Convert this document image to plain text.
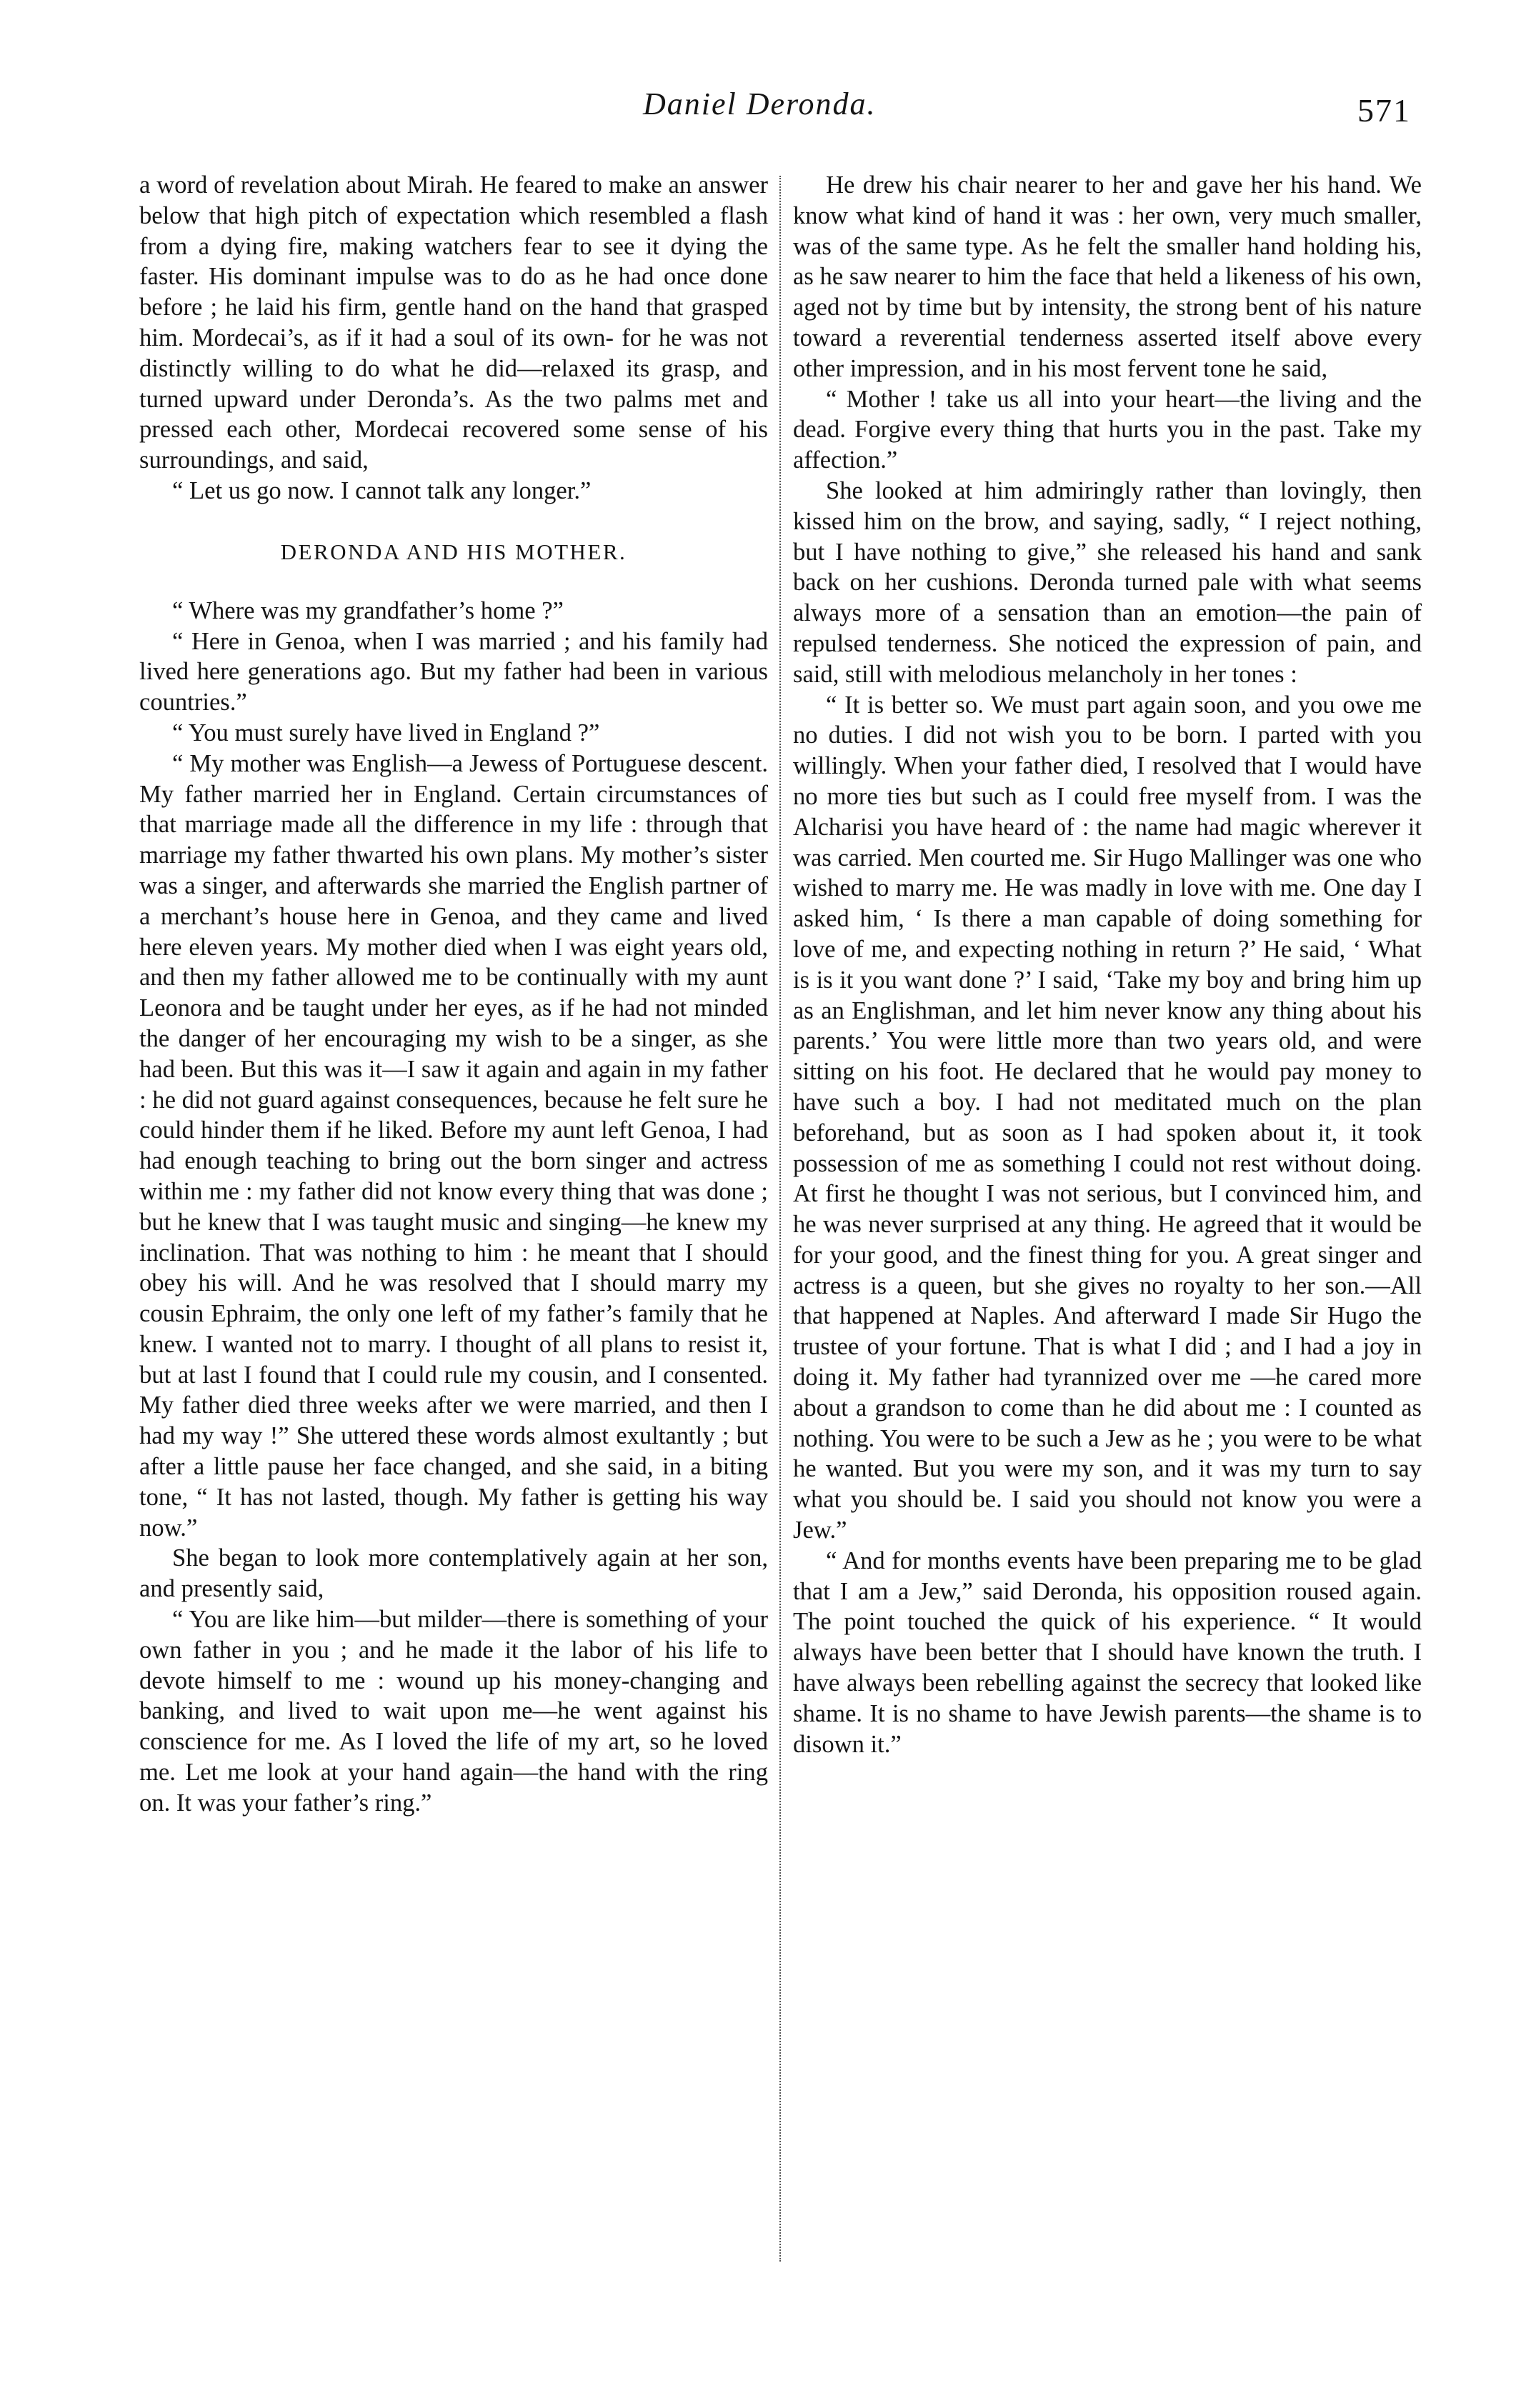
Daniel Deronda.	571

a word of revelation about Mirah. He feared to make an answer below that high pitch of expectation which resembled a flash from a dying fire, making watchers fear to see it dying the faster. His dominant impulse was to do as he had once done before ; he laid his firm, gentle hand on the hand that grasped him. Mordecai’s, as if it had a soul of its own- for he was not distinctly willing to do what he did—relaxed its grasp, and turned upward under Deronda’s. As the two palms met and pressed each other, Mordecai recovered some sense of his surroundings, and said,

“ Let us go now. I cannot talk any longer.”

DERONDA AND HIS MOTHER.

“ Where was my grandfather’s home ?”

“ Here in Genoa, when I was married ; and his family had lived here generations ago. But my father had been in various countries.”

“ You must surely have lived in England ?”

“ My mother was English—a Jewess of Portuguese descent. My father married her in England. Certain circumstances of that marriage made all the difference in my life : through that marriage my father thwarted his own plans. My mother’s sister was a singer, and afterwards she married the English partner of a merchant’s house here in Genoa, and they came and lived here eleven years. My mother died when I was eight years old, and then my father allowed me to be continually with my aunt Leonora and be taught under her eyes, as if he had not minded the danger of her encouraging my wish to be a singer, as she had been. But this was it—I saw it again and again in my father : he did not guard against consequences, because he felt sure he could hinder them if he liked. Before my aunt left Genoa, I had had enough teaching to bring out the born singer and actress within me : my father did not know every thing that was done ; but he knew that I was taught music and singing—he knew my inclination. That was nothing to him : he meant that I should obey his will. And he was resolved that I should marry my cousin Ephraim, the only one left of my father’s family that he knew. I wanted not to marry. I thought of all plans to resist it, but at last I found that I could rule my cousin, and I consented. My father died three weeks after we were married, and then I had my way !” She uttered these words almost exultantly ; but after a little pause her face changed, and she said, in a biting tone, “ It has not lasted, though. My father is getting his way now.”

She began to look more contemplatively again at her son, and presently said,

“ You are like him—but milder—there is something of your own father in you ; and he made it the labor of his life to devote himself to me : wound up his money-changing and banking, and lived to wait upon me—he went against his conscience for me. As I loved the life of my art, so he loved me. Let me look at your hand again—the hand with the ring on. It was your father’s ring.”

He drew his chair nearer to her and gave her his hand. We know what kind of hand it was : her own, very much smaller, was of the same type. As he felt the smaller hand holding his, as he saw nearer to him the face that held a likeness of his own, aged not by time but by intensity, the strong bent of his nature toward a reverential tenderness asserted itself above every other impression, and in his most fervent tone he said,

“ Mother ! take us all into your heart—the living and the dead. Forgive every thing that hurts you in the past. Take my affection.”

She looked at him admiringly rather than lovingly, then kissed him on the brow, and saying, sadly, “ I reject nothing, but I have nothing to give,” she released his hand and sank back on her cushions. Deronda turned pale with what seems always more of a sensation than an emotion—the pain of repulsed tenderness. She noticed the expression of pain, and said, still with melodious melancholy in her tones :

“ It is better so. We must part again soon, and you owe me no duties. I did not wish you to be born. I parted with you willingly. When your father died, I resolved that I would have no more ties but such as I could free myself from. I was the Alcharisi you have heard of : the name had magic wherever it was carried. Men courted me. Sir Hugo Mallinger was one who wished to marry me. He was madly in love with me. One day I asked him, ‘ Is there a man capable of doing something for love of me, and expecting nothing in return ?’ He said, ‘ What is is it you want done ?’ I said, ‘Take my boy and bring him up as an Englishman, and let him never know any thing about his parents.’ You were little more than two years old, and were sitting on his foot. He declared that he would pay money to have such a boy. I had not meditated much on the plan beforehand, but as soon as I had spoken about it, it took possession of me as something I could not rest without doing. At first he thought I was not serious, but I convinced him, and he was never surprised at any thing. He agreed that it would be for your good, and the finest thing for you. A great singer and actress is a queen, but she gives no royalty to her son.—All that happened at Naples. And afterward I made Sir Hugo the trustee of your fortune. That is what I did ; and I had a joy in doing it. My father had tyrannized over me —he cared more about a grandson to come than he did about me : I counted as nothing. You were to be such a Jew as he ; you were to be what he wanted. But you were my son, and it was my turn to say what you should be. I said you should not know you were a Jew.”

“ And for months events have been preparing me to be glad that I am a Jew,” said Deronda, his opposition roused again. The point touched the quick of his experience. “ It would always have been better that I should have known the truth. I have always been rebelling against the secrecy that looked like shame. It is no shame to have Jewish parents—the shame is to disown it.”
